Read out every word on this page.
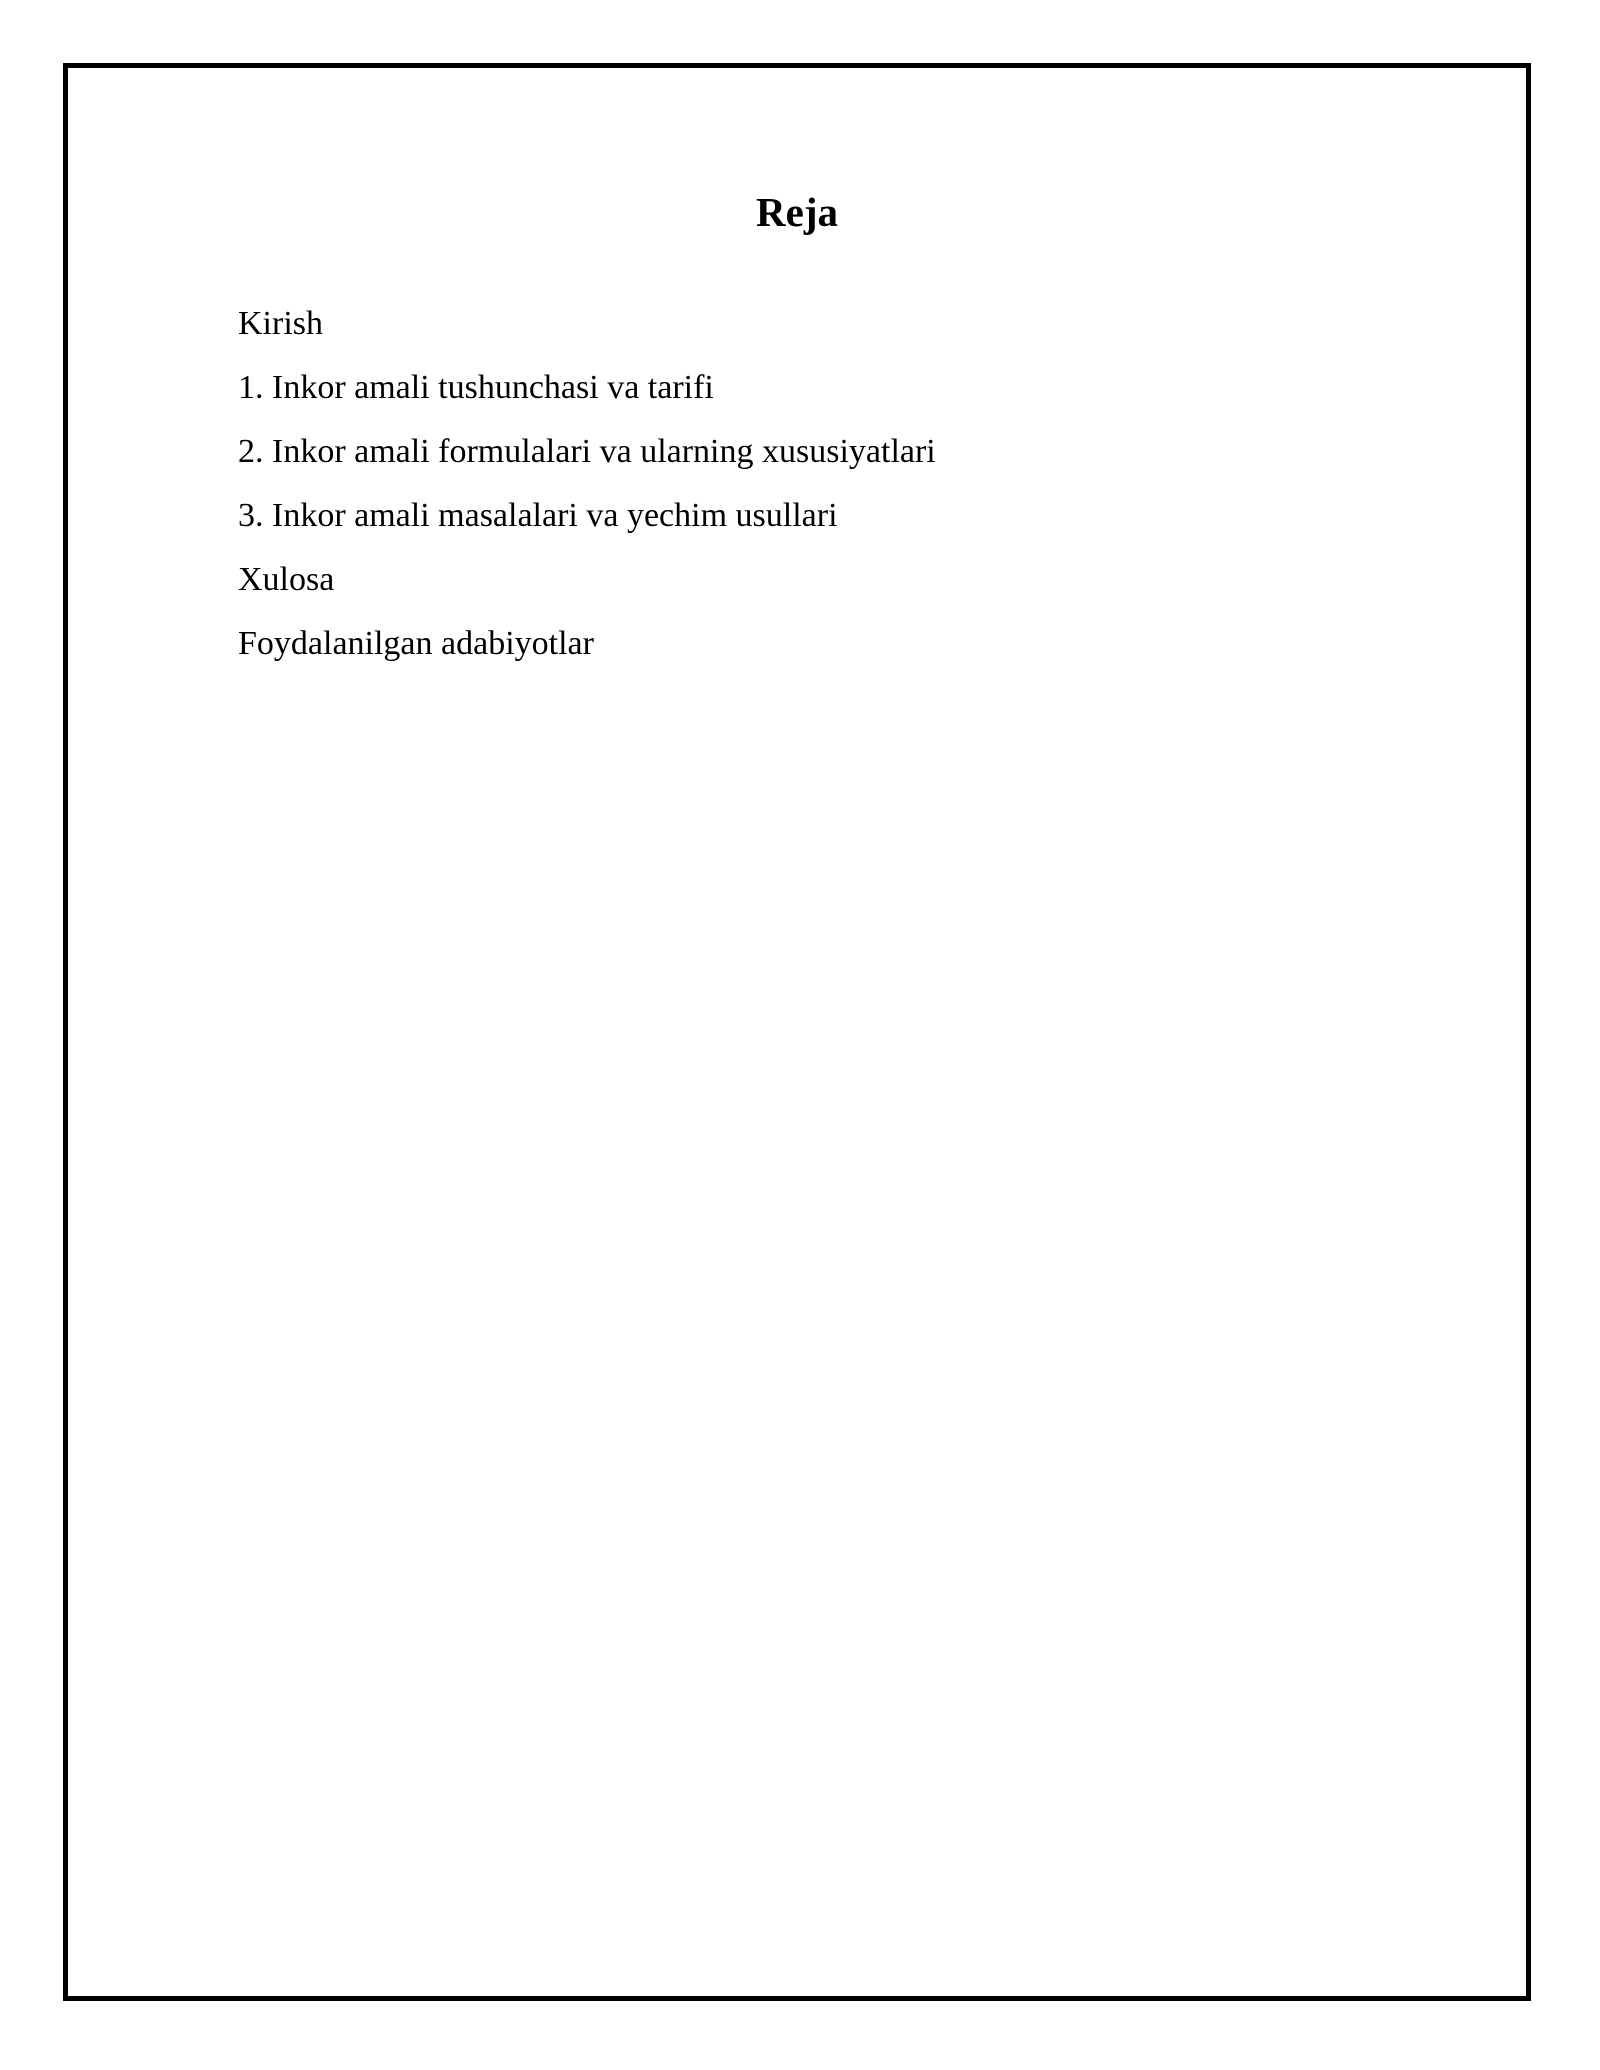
Reja
Kirish
1. Inkor amali tushunchasi va tarifi
2. Inkor amali formulalari va ularning xususiyatlari
3. Inkor amali masalalari va yechim usullari
Xulosa
Foydalanilgan adabiyotlar
